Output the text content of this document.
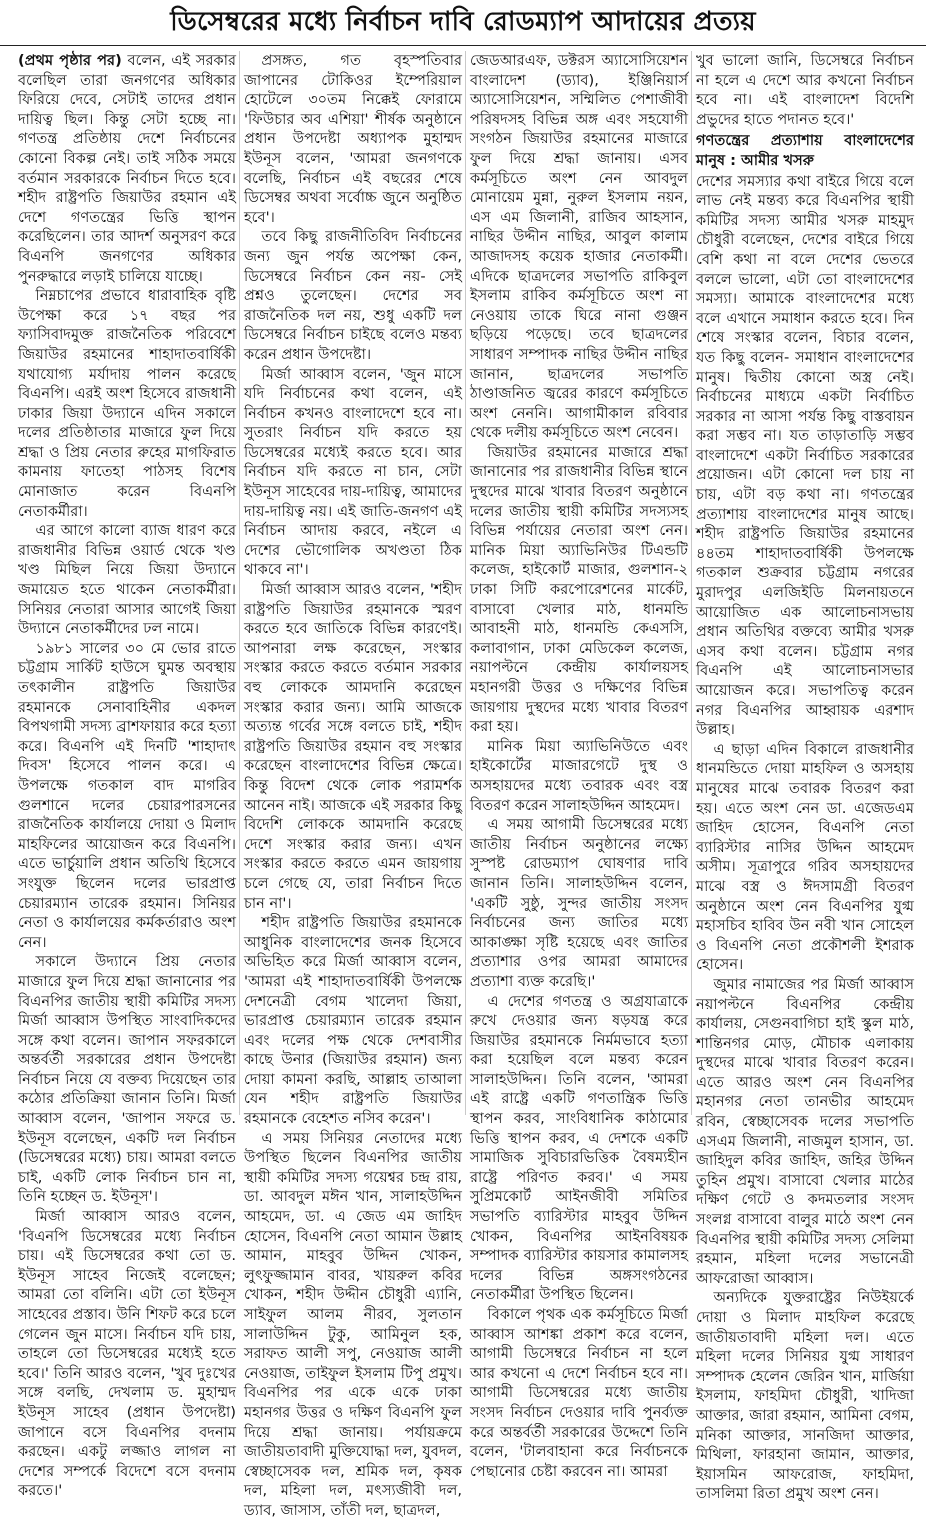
ডিসেম্বরের মধ্যে নির্বাচন দাবি রোডম্যাপ আদায়ের প্রত্যয়

(প্রথম পৃষ্ঠার পর) বলেন, এই সরকার বলেছিল তারা জনগণের অধিকার ফিরিয়ে দেবে, সেটাই তাদের প্রধান দায়িত্ব ছিল। কিন্তু সেটা হচ্ছে না। গণতন্ত্র প্রতিষ্ঠায় দেশে নির্বাচনের কোনো বিকল্প নেই। তাই সঠিক সময়ে বর্তমান সরকারকে নির্বাচন দিতে হবে। শহীদ রাষ্ট্রপতি জিয়াউর রহমান এই দেশে গণতন্ত্রের ভিত্তি স্থাপন করেছিলেন। তার আদর্শ অনুসরণ করে বিএনপি জনগণের অধিকার পুনরুদ্ধারে লড়াই চালিয়ে যাচ্ছে।

নিম্নচাপের প্রভাবে ধারাবাহিক বৃষ্টি উপেক্ষা করে ১৭ বছর পর ফ্যাসিবাদমুক্ত রাজনৈতিক পরিবেশে জিয়াউর রহমানের শাহাদাতবার্ষিকী যথাযোগ্য মর্যাদায় পালন করেছে বিএনপি। এরই অংশ হিসেবে রাজধানী ঢাকার জিয়া উদ্যানে এদিন সকালে দলের প্রতিষ্ঠাতার মাজারে ফুল দিয়ে শ্রদ্ধা ও প্রিয় নেতার রুহের মাগফিরাত কামনায় ফাতেহা পাঠসহ বিশেষ মোনাজাত করেন বিএনপি নেতাকর্মীরা।

এর আগে কালো ব্যাজ ধারণ করে রাজধানীর বিভিন্ন ওয়ার্ড থেকে খণ্ড খণ্ড মিছিল নিয়ে জিয়া উদ্যানে জমায়েত হতে থাকেন নেতাকর্মীরা। সিনিয়র নেতারা আসার আগেই জিয়া উদ্যানে নেতাকর্মীদের ঢল নামে।

১৯৮১ সালের ৩০ মে ভোর রাতে চট্টগ্রাম সার্কিট হাউসে ঘুমন্ত অবস্থায় তৎকালীন রাষ্ট্রপতি জিয়াউর রহমানকে সেনাবাহিনীর একদল বিপথগামী সদস্য ব্রাশফায়ার করে হত্যা করে। বিএনপি এই দিনটি 'শাহাদাৎ দিবস' হিসেবে পালন করে। এ উপলক্ষে গতকাল বাদ মাগরিব গুলশানে দলের চেয়ারপারসনের রাজনৈতিক কার্যালয়ে দোয়া ও মিলাদ মাহফিলের আয়োজন করে বিএনপি। এতে ভার্চুয়ালি প্রধান অতিথি হিসেবে সংযুক্ত ছিলেন দলের ভারপ্রাপ্ত চেয়ারম্যান তারেক রহমান। সিনিয়র নেতা ও কার্যালয়ের কর্মকর্তারাও অংশ নেন।

সকালে উদ্যানে প্রিয় নেতার মাজারে ফুল দিয়ে শ্রদ্ধা জানানোর পর বিএনপির জাতীয় স্থায়ী কমিটির সদস্য মির্জা আব্বাস উপস্থিত সাংবাদিকদের সঙ্গে কথা বলেন। জাপান সফরকালে অন্তর্বর্তী সরকারের প্রধান উপদেষ্টা নির্বাচন নিয়ে যে বক্তব্য দিয়েছেন তার কঠোর প্রতিক্রিয়া জানান তিনি। মির্জা আব্বাস বলেন, 'জাপান সফরে ড. ইউনূস বলেছেন, একটি দল নির্বাচন (ডিসেম্বরের মধ্যে) চায়। আমরা বলতে চাই, একটি লোক নির্বাচন চান না, তিনি হচ্ছেন ড. ইউনূস'।

মির্জা আব্বাস আরও বলেন, 'বিএনপি ডিসেম্বরের মধ্যে নির্বাচন চায়। এই ডিসেম্বরের কথা তো ড. ইউনূস সাহেব নিজেই বলেছেন; আমরা তো বলিনি। এটা তো ইউনূস সাহেবের প্রস্তাব। উনি শিফট করে চলে গেলেন জুন মাসে। নির্বাচন যদি চায়, তাহলে তো ডিসেম্বরের মধ্যেই হতে হবে।' তিনি আরও বলেন, 'খুব দুঃখের সঙ্গে বলছি, দেখলাম ড. মুহাম্মদ ইউনূস সাহেব (প্রধান উপদেষ্টা) জাপানে বসে বিএনপির বদনাম করছেন। একটু লজ্জাও লাগল না দেশের সম্পর্কে বিদেশে বসে বদনাম করতে।'

প্রসঙ্গত, গত বৃহস্পতিবার জাপানের টোকিওর ইম্পেরিয়াল হোটেলে ৩০তম নিক্কেই ফোরামে 'ফিউচার অব এশিয়া' শীর্ষক অনুষ্ঠানে প্রধান উপদেষ্টা অধ্যাপক মুহাম্মদ ইউনূস বলেন, 'আমরা জনগণকে বলেছি, নির্বাচন এই বছরের শেষে ডিসেম্বর অথবা সর্বোচ্চ জুনে অনুষ্ঠিত হবে'।

তবে কিছু রাজনীতিবিদ নির্বাচনের জন্য জুন পর্যন্ত অপেক্ষা কেন, ডিসেম্বরে নির্বাচন কেন নয়- সেই প্রশ্নও তুলেছেন। দেশের সব রাজনৈতিক দল নয়, শুধু একটি দল ডিসেম্বরে নির্বাচন চাইছে বলেও মন্তব্য করেন প্রধান উপদেষ্টা।

মির্জা আব্বাস বলেন, 'জুন মাসে যদি নির্বাচনের কথা বলেন, এই নির্বাচন কখনও বাংলাদেশে হবে না। সুতরাং নির্বাচন যদি করতে হয় ডিসেম্বরের মধ্যেই করতে হবে। আর নির্বাচন যদি করতে না চান, সেটা ইউনূস সাহেবের দায়-দায়িত্ব, আমাদের দায়-দায়িত্ব নয়। এই জাতি-জনগণ এই নির্বাচন আদায় করবে, নইলে এ দেশের ভৌগোলিক অখণ্ডতা ঠিক থাকবে না'।

মির্জা আব্বাস আরও বলেন, 'শহীদ রাষ্ট্রপতি জিয়াউর রহমানকে স্মরণ করতে হবে জাতিকে বিভিন্ন কারণেই। আপনারা লক্ষ করেছেন, সংস্কার সংস্কার করতে করতে বর্তমান সরকার বহু লোককে আমদানি করেছেন সংস্কার করার জন্য। আমি আজকে অত্যন্ত গর্বের সঙ্গে বলতে চাই, শহীদ রাষ্ট্রপতি জিয়াউর রহমান বহু সংস্কার করেছেন বাংলাদেশের বিভিন্ন ক্ষেত্রে। কিন্তু বিদেশ থেকে লোক পরামর্শক আনেন নাই। আজকে এই সরকার কিছু বিদেশি লোককে আমদানি করেছে দেশে সংস্কার করার জন্য। এখন সংস্কার করতে করতে এমন জায়গায় চলে গেছে যে, তারা নির্বাচন দিতে চান না'।

শহীদ রাষ্ট্রপতি জিয়াউর রহমানকে আধুনিক বাংলাদেশের জনক হিসেবে অভিহিত করে মির্জা আব্বাস বলেন, 'আমরা এই শাহাদাতবার্ষিকী উপলক্ষে দেশনেত্রী বেগম খালেদা জিয়া, ভারপ্রাপ্ত চেয়ারম্যান তারেক রহমান এবং দলের পক্ষ থেকে দেশবাসীর কাছে উনার (জিয়াউর রহমান) জন্য দোয়া কামনা করছি, আল্লাহ তাআলা যেন শহীদ রাষ্ট্রপতি জিয়াউর রহমানকে বেহেশত নসিব করেন'।

এ সময় সিনিয়র নেতাদের মধ্যে উপস্থিত ছিলেন বিএনপির জাতীয় স্থায়ী কমিটির সদস্য গয়েশ্বর চন্দ্র রায়, ডা. আবদুল মঈন খান, সালাহউদ্দিন আহমেদ, ডা. এ জেড এম জাহিদ হোসেন, বিএনপি নেতা আমান উল্লাহ আমান, মাহবুব উদ্দিন খোকন, লুৎফুজ্জামান বাবর, খায়রুল কবির খোকন, শহীদ উদ্দীন চৌধুরী এ্যানি, সাইফুল আলম নীরব, সুলতান সালাউদ্দিন টুকু, আমিনুল হক, সরাফত আলী সপু, নেওয়াজ আলী নেওয়াজ, তাইফুল ইসলাম টিপু প্রমুখ। বিএনপির পর একে একে ঢাকা মহানগর উত্তর ও দক্ষিণ বিএনপি ফুল দিয়ে শ্রদ্ধা জানায়। পর্যায়ক্রমে জাতীয়তাবাদী মুক্তিযোদ্ধা দল, যুবদল, স্বেচ্ছাসেবক দল, শ্রমিক দল, কৃষক দল, মহিলা দল, মৎস্যজীবী দল, ড্যাব, জাসাস, তাঁতী দল, ছাত্রদল,

জেডআরএফ, ডক্টরস অ্যাসোসিয়েশন বাংলাদেশ (ড্যাব), ইঞ্জিনিয়ার্স অ্যাসোসিয়েশন, সম্মিলিত পেশাজীবী পরিষদসহ বিভিন্ন অঙ্গ এবং সহযোগী সংগঠন জিয়াউর রহমানের মাজারে ফুল দিয়ে শ্রদ্ধা জানায়। এসব কর্মসূচিতে অংশ নেন আবদুল মোনায়েম মুন্না, নুরুল ইসলাম নয়ন, এস এম জিলানী, রাজিব আহসান, নাছির উদ্দীন নাছির, আবুল কালাম আজাদসহ কয়েক হাজার নেতাকর্মী। এদিকে ছাত্রদলের সভাপতি রাকিবুল ইসলাম রাকিব কর্মসূচিতে অংশ না নেওয়ায় তাকে ঘিরে নানা গুঞ্জন ছড়িয়ে পড়েছে। তবে ছাত্রদলের সাধারণ সম্পাদক নাছির উদ্দীন নাছির জানান, ছাত্রদলের সভাপতি ঠাণ্ডাজনিত জ্বরের কারণে কর্মসূচিতে অংশ নেননি। আগামীকাল রবিবার থেকে দলীয় কর্মসূচিতে অংশ নেবেন।

জিয়াউর রহমানের মাজারে শ্রদ্ধা জানানোর পর রাজধানীর বিভিন্ন স্থানে দুস্থদের মাঝে খাবার বিতরণ অনুষ্ঠানে দলের জাতীয় স্থায়ী কমিটির সদস্যসহ বিভিন্ন পর্যায়ের নেতারা অংশ নেন। মানিক মিয়া অ্যাভিনিউর টিএন্ডটি কলেজ, হাইকোর্ট মাজার, গুলশান-২ ঢাকা সিটি করপোরেশনের মার্কেট, বাসাবো খেলার মাঠ, ধানমন্ডি আবাহনী মাঠ, ধানমন্ডি কেএসসি, কলাবাগান, ঢাকা মেডিকেল কলেজ, নয়াপল্টনে কেন্দ্রীয় কার্যালয়সহ মহানগরী উত্তর ও দক্ষিণের বিভিন্ন জায়গায় দুস্থদের মধ্যে খাবার বিতরণ করা হয়।

মানিক মিয়া অ্যাভিনিউতে এবং হাইকোর্টের মাজারগেটে দুস্থ ও অসহায়দের মধ্যে তবারক এবং বস্ত্র বিতরণ করেন সালাহউদ্দিন আহমেদ।

এ সময় আগামী ডিসেম্বরের মধ্যে জাতীয় নির্বাচন অনুষ্ঠানের লক্ষ্যে সুস্পষ্ট রোডম্যাপ ঘোষণার দাবি জানান তিনি। সালাহউদ্দিন বলেন, 'একটি সুষ্ঠু, সুন্দর জাতীয় সংসদ নির্বাচনের জন্য জাতির মধ্যে আকাঙ্ক্ষা সৃষ্টি হয়েছে এবং জাতির প্রত্যাশার ওপর আমরা আমাদের প্রত্যাশা ব্যক্ত করেছি।'

এ দেশের গণতন্ত্র ও অগ্রযাত্রাকে রুখে দেওয়ার জন্য ষড়যন্ত্র করে জিয়াউর রহমানকে নির্মমভাবে হত্যা করা হয়েছিল বলে মন্তব্য করেন সালাহউদ্দিন। তিনি বলেন, 'আমরা এই রাষ্ট্রে একটি গণতান্ত্রিক ভিত্তি স্থাপন করব, সাংবিধানিক কাঠামোর ভিত্তি স্থাপন করব, এ দেশকে একটি সামাজিক সুবিচারভিত্তিক বৈষম্যহীন রাষ্ট্রে পরিণত করব।' এ সময় সুপ্রিমকোর্ট আইনজীবী সমিতির সভাপতি ব্যারিস্টার মাহবুব উদ্দিন খোকন, বিএনপির আইনবিষয়ক সম্পাদক ব্যারিস্টার কায়সার কামালসহ দলের বিভিন্ন অঙ্গসংগঠনের নেতাকর্মীরা উপস্থিত ছিলেন।

বিকালে পৃথক এক কর্মসূচিতে মির্জা আব্বাস আশঙ্কা প্রকাশ করে বলেন, আগামী ডিসেম্বরে নির্বাচন না হলে আর কখনো এ দেশে নির্বাচন হবে না। আগামী ডিসেম্বরের মধ্যে জাতীয় সংসদ নির্বাচন দেওয়ার দাবি পুনর্ব্যক্ত করে অন্তর্বর্তী সরকারের উদ্দেশে তিনি বলেন, 'টালবাহানা করে নির্বাচনকে পেছানোর চেষ্টা করবেন না। আমরা

খুব ভালো জানি, ডিসেম্বরে নির্বাচন না হলে এ দেশে আর কখনো নির্বাচন হবে না। এই বাংলাদেশ বিদেশি প্রভুদের হাতে পদানত হবে।'

গণতন্ত্রের প্রত্যাশায় বাংলাদেশের মানুষ : আমীর খসরু

দেশের সমস্যার কথা বাইরে গিয়ে বলে লাভ নেই মন্তব্য করে বিএনপির স্থায়ী কমিটির সদস্য আমীর খসরু মাহমুদ চৌধুরী বলেছেন, দেশের বাইরে গিয়ে বেশি কথা না বলে দেশের ভেতরে বললে ভালো, এটা তো বাংলাদেশের সমস্যা। আমাকে বাংলাদেশের মধ্যে বলে এখানে সমাধান করতে হবে। দিন শেষে সংস্কার বলেন, বিচার বলেন, যত কিছু বলেন- সমাধান বাংলাদেশের মানুষ। দ্বিতীয় কোনো অস্ত্র নেই। নির্বাচনের মাধ্যমে একটা নির্বাচিত সরকার না আসা পর্যন্ত কিছু বাস্তবায়ন করা সম্ভব না। যত তাড়াতাড়ি সম্ভব বাংলাদেশে একটা নির্বাচিত সরকারের প্রয়োজন। এটা কোনো দল চায় না চায়, এটা বড় কথা না। গণতন্ত্রের প্রত্যাশায় বাংলাদেশের মানুষ আছে। শহীদ রাষ্ট্রপতি জিয়াউর রহমানের ৪৪তম শাহাদাতবার্ষিকী উপলক্ষে গতকাল শুক্রবার চট্টগ্রাম নগরের মুরাদপুর এলজিইডি মিলনায়তনে আয়োজিত এক আলোচনাসভায় প্রধান অতিথির বক্তব্যে আমীর খসরু এসব কথা বলেন। চট্টগ্রাম নগর বিএনপি এই আলোচনাসভার আয়োজন করে। সভাপতিত্ব করেন নগর বিএনপির আহ্বায়ক এরশাদ উল্লাহ।

এ ছাড়া এদিন বিকালে রাজধানীর ধানমন্ডিতে দোয়া মাহফিল ও অসহায় মানুষের মাঝে তবারক বিতরণ করা হয়। এতে অংশ নেন ডা. এজেডএম জাহিদ হোসেন, বিএনপি নেতা ব্যারিস্টার নাসির উদ্দিন আহমেদ অসীম। সূত্রাপুরে গরিব অসহায়দের মাঝে বস্ত্র ও ঈদসামগ্রী বিতরণ অনুষ্ঠানে অংশ নেন বিএনপির যুগ্ম মহাসচিব হাবিব উন নবী খান সোহেল ও বিএনপি নেতা প্রকৌশলী ইশরাক হোসেন।

জুমার নামাজের পর মির্জা আব্বাস নয়াপল্টনে বিএনপির কেন্দ্রীয় কার্যালয়, সেগুনবাগিচা হাই স্কুল মাঠ, শান্তিনগর মোড়, মৌচাক এলাকায় দুস্থদের মাঝে খাবার বিতরণ করেন। এতে আরও অংশ নেন বিএনপির মহানগর নেতা তানভীর আহমেদ রবিন, স্বেচ্ছাসেবক দলের সভাপতি এসএম জিলানী, নাজমুল হাসান, ডা. জাহিদুল কবির জাহিদ, জহির উদ্দিন তুহিন প্রমুখ। বাসাবো খেলার মাঠের দক্ষিণ গেটে ও কদমতলার সংসদ সংলগ্ন বাসাবো বালুর মাঠে অংশ নেন বিএনপির স্থায়ী কমিটির সদস্য সেলিমা রহমান, মহিলা দলের সভানেত্রী আফরোজা আব্বাস।

অন্যদিকে যুক্তরাষ্ট্রের নিউইয়র্কে দোয়া ও মিলাদ মাহফিল করেছে জাতীয়তাবাদী মহিলা দল। এতে মহিলা দলের সিনিয়র যুগ্ম সাধারণ সম্পাদক হেলেন জেরিন খান, মার্জিয়া ইসলাম, ফাহমিদা চৌধুরী, খাদিজা আক্তার, জারা রহমান, আমিনা বেগম, মনিকা আক্তার, সানজিদা আক্তার, মিথিলা, ফারহানা জামান, আক্তার, ইয়াসমিন আফরোজ, ফাহমিদা, তাসলিমা রিতা প্রমুখ অংশ নেন।
